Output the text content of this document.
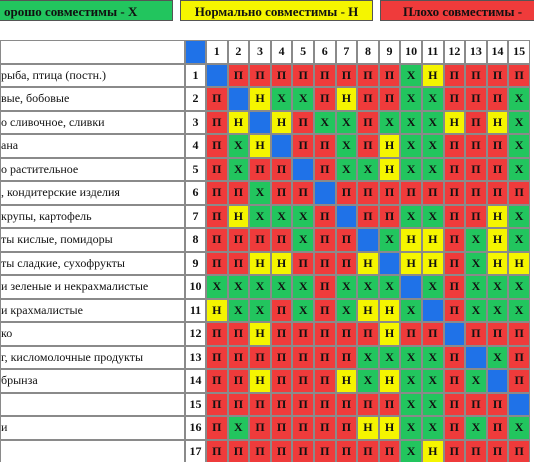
орошо совместимы - Х	Нормально совместимы - Н	Плохо совместимы -
		1	2	3	4	5	6	7	8	9	10	11	12	13	14	15
рыба, птица (постн.)	1		П	П	П	П	П	П	П	П	Х	Н	П	П	П	П
вые, бобовые	2	П		Н	Х	Х	П	Н	П	П	Х	Х	П	П	П	Х
о сливочное, сливки	3	П	Н		Н	П	Х	Х	П	Х	Х	Х	Н	П	Н	Х
ана	4	П	Х	Н		П	П	Х	П	Н	Х	Х	П	П	П	Х
о растительное	5	П	Х	П	П		П	Х	Х	Н	Х	Х	П	П	П	Х
, кондитерские изделия	6	П	П	Х	П	П		П	П	П	П	П	П	П	П	П
крупы, картофель	7	П	Н	Х	Х	Х	П		П	П	Х	Х	П	П	Н	Х
ты кислые, помидоры	8	П	П	П	П	Х	П	П		Х	Н	Н	П	Х	Н	Х
ты сладкие, сухофрукты	9	П	П	Н	Н	П	П	П	Н		Н	Н	П	Х	Н	Н
и зеленые и некрахмалистые	10	Х	Х	Х	Х	Х	П	Х	Х	Х		Х	П	Х	Х	Х
и крахмалистые	11	Н	Х	Х	П	Х	П	Х	Н	Н	Х		П	Х	Х	Х
ко	12	П	П	Н	П	П	П	П	П	Н	П	П		П	П	П
г, кисломолочные продукты	13	П	П	П	П	П	П	П	Х	Х	Х	Х	П		Х	П
брынза	14	П	П	Н	П	П	П	Н	Х	Н	Х	Х	П	Х		П
	15	П	П	П	П	П	П	П	П	П	Х	Х	П	П	П	
и	16	П	Х	П	П	П	П	П	Н	Н	Х	Х	П	Х	П	Х
	17	П	П	П	П	П	П	П	П	П	Х	Н	П	П	П	П
